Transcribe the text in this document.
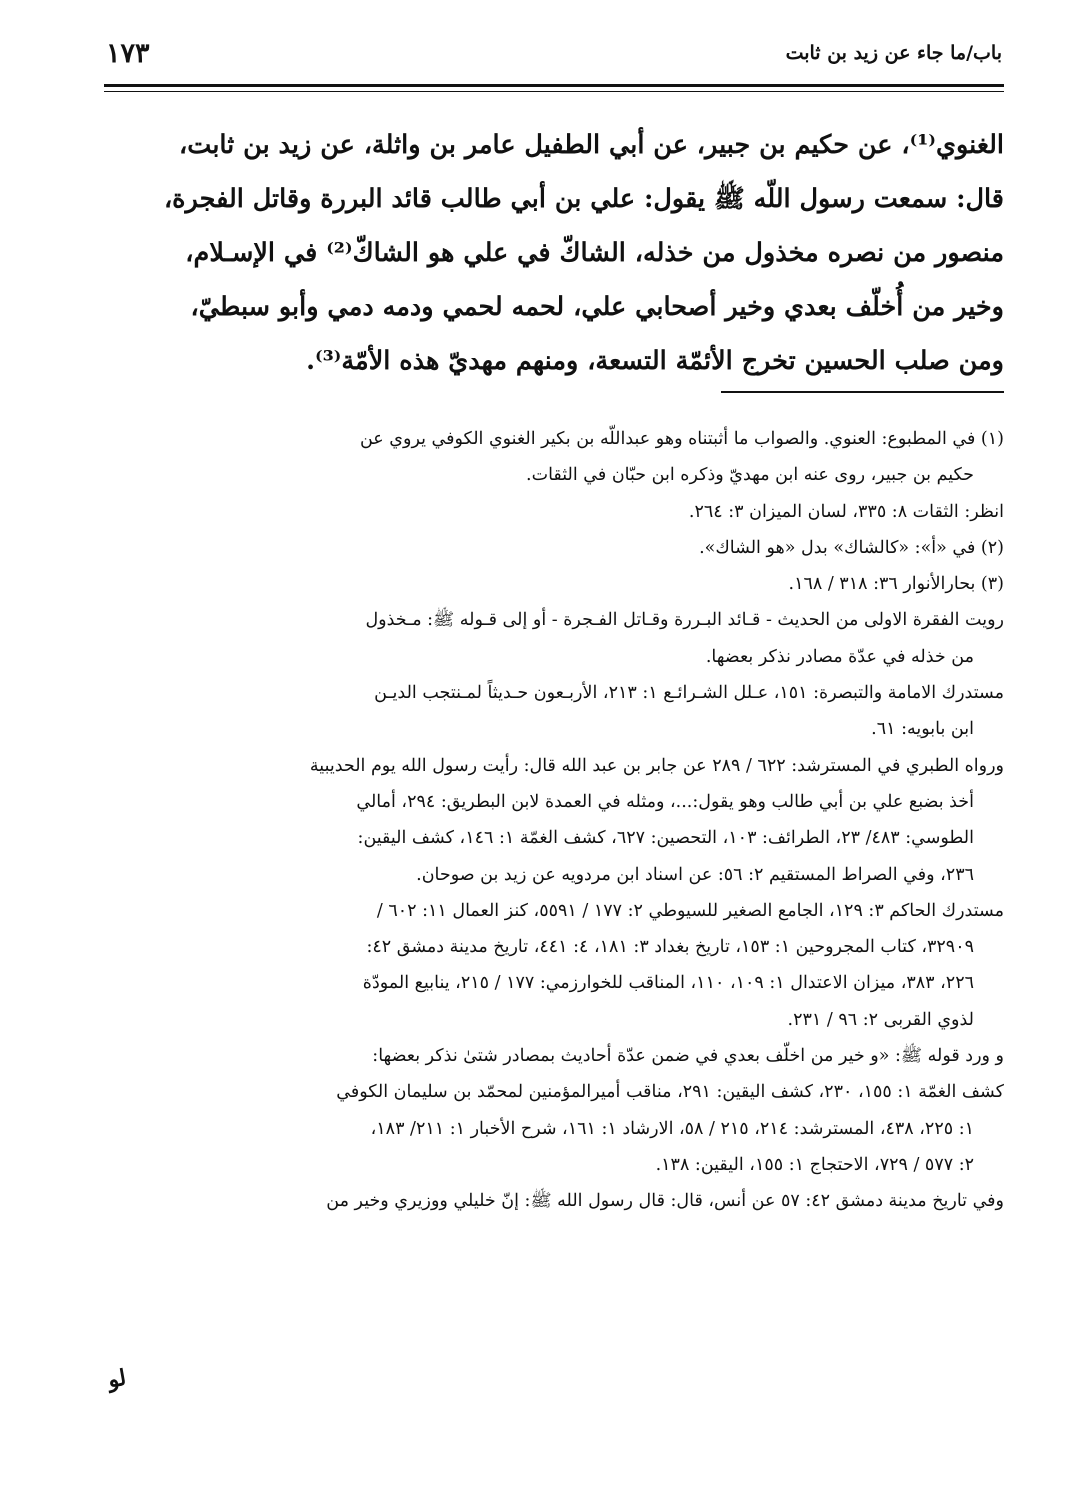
باب/ما جاء عن زيد بن ثابت
١٧٣
الغنوي⁽¹⁾، عن حكيم بن جبير، عن أبي الطفيل عامر بن واثلة، عن زيد بن ثابت،
قال: سمعت رسول اللّه ﷺ يقول: علي بن أبي طالب قائد البررة وقاتل الفجرة،
منصور من نصره مخذول من خذله، الشاكّ في علي هو الشاكّ⁽²⁾ في الإسـلام،
وخير من أُخلّف بعدي وخير أصحابي علي، لحمه لحمي ودمه دمي وأبو سبطيّ،
ومن صلب الحسين تخرج الأئمّة التسعة، ومنهم مهديّ هذه الأمّة⁽³⁾.
(١) في المطبوع: العنوي. والصواب ما أثبتناه وهو عبداللّه بن بكير الغنوي الكوفي يروي عن
حكيم بن جبير، روى عنه ابن مهديّ وذكره ابن حبّان في الثقات.
انظر: الثقات ٨: ٣٣٥، لسان الميزان ٣: ٢٦٤.
(٢) في «أ»: «كالشاك» بدل «هو الشاك».
(٣) بحارالأنوار ٣٦: ٣١٨ / ١٦٨.
رويت الفقرة الاولى من الحديث - قـائد البـررة وقـاتل الفـجرة - أو إلى قـوله ﷺ: مـخذول
من خذله في عدّة مصادر نذكر بعضها.
مستدرك الامامة والتبصرة: ١٥١، عـلل الشـرائـع ١: ٢١٣، الأربـعون حـديثاً لمـنتجب الديـن
ابن بابويه: ٦١.
ورواه الطبري في المسترشد: ٦٢٢ / ٢٨٩ عن جابر بن عبد الله قال: رأيت رسول الله يوم الحديبية
أخذ بضبع علي بن أبي طالب وهو يقول:...، ومثله في العمدة لابن البطريق: ٢٩٤، أمالي
الطوسي: ٤٨٣/ ٢٣، الطرائف: ١٠٣، التحصين: ٦٢٧، كشف الغمّة ١: ١٤٦، كشف اليقين:
٢٣٦، وفي الصراط المستقيم ٢: ٥٦: عن اسناد ابن مردويه عن زيد بن صوحان.
مستدرك الحاكم ٣: ١٢٩، الجامع الصغير للسيوطي ٢: ١٧٧ / ٥٥٩١، كنز العمال ١١: ٦٠٢ /
٣٢٩٠٩، كتاب المجروحين ١: ١٥٣، تاريخ بغداد ٣: ١٨١، ٤: ٤٤١، تاريخ مدينة دمشق ٤٢:
٢٢٦، ٣٨٣، ميزان الاعتدال ١: ١٠٩، ١١٠، المناقب للخوارزمي: ١٧٧ / ٢١٥، ينابيع المودّة
لذوي القربى ٢: ٩٦ / ٢٣١.
و ورد قوله ﷺ: «و خير من اخلّف بعدي في ضمن عدّة أحاديث بمصادر شتىٰ نذكر بعضها:
كشف الغمّة ١: ١٥٥، ٢٣٠، كشف اليقين: ٢٩١، مناقب أميرالمؤمنين لمحمّد بن سليمان الكوفي
١: ٢٢٥، ٤٣٨، المسترشد: ٢١٤، ٢١٥ / ٥٨، الارشاد ١: ١٦١، شرح الأخبار ١: ٢١١/ ١٨٣،
٢: ٥٧٧ / ٧٢٩، الاحتجاج ١: ١٥٥، اليقين: ١٣٨.
وفي تاريخ مدينة دمشق ٤٢: ٥٧ عن أنس، قال: قال رسول الله ﷺ: إنّ خليلي ووزيري وخير من
لو
